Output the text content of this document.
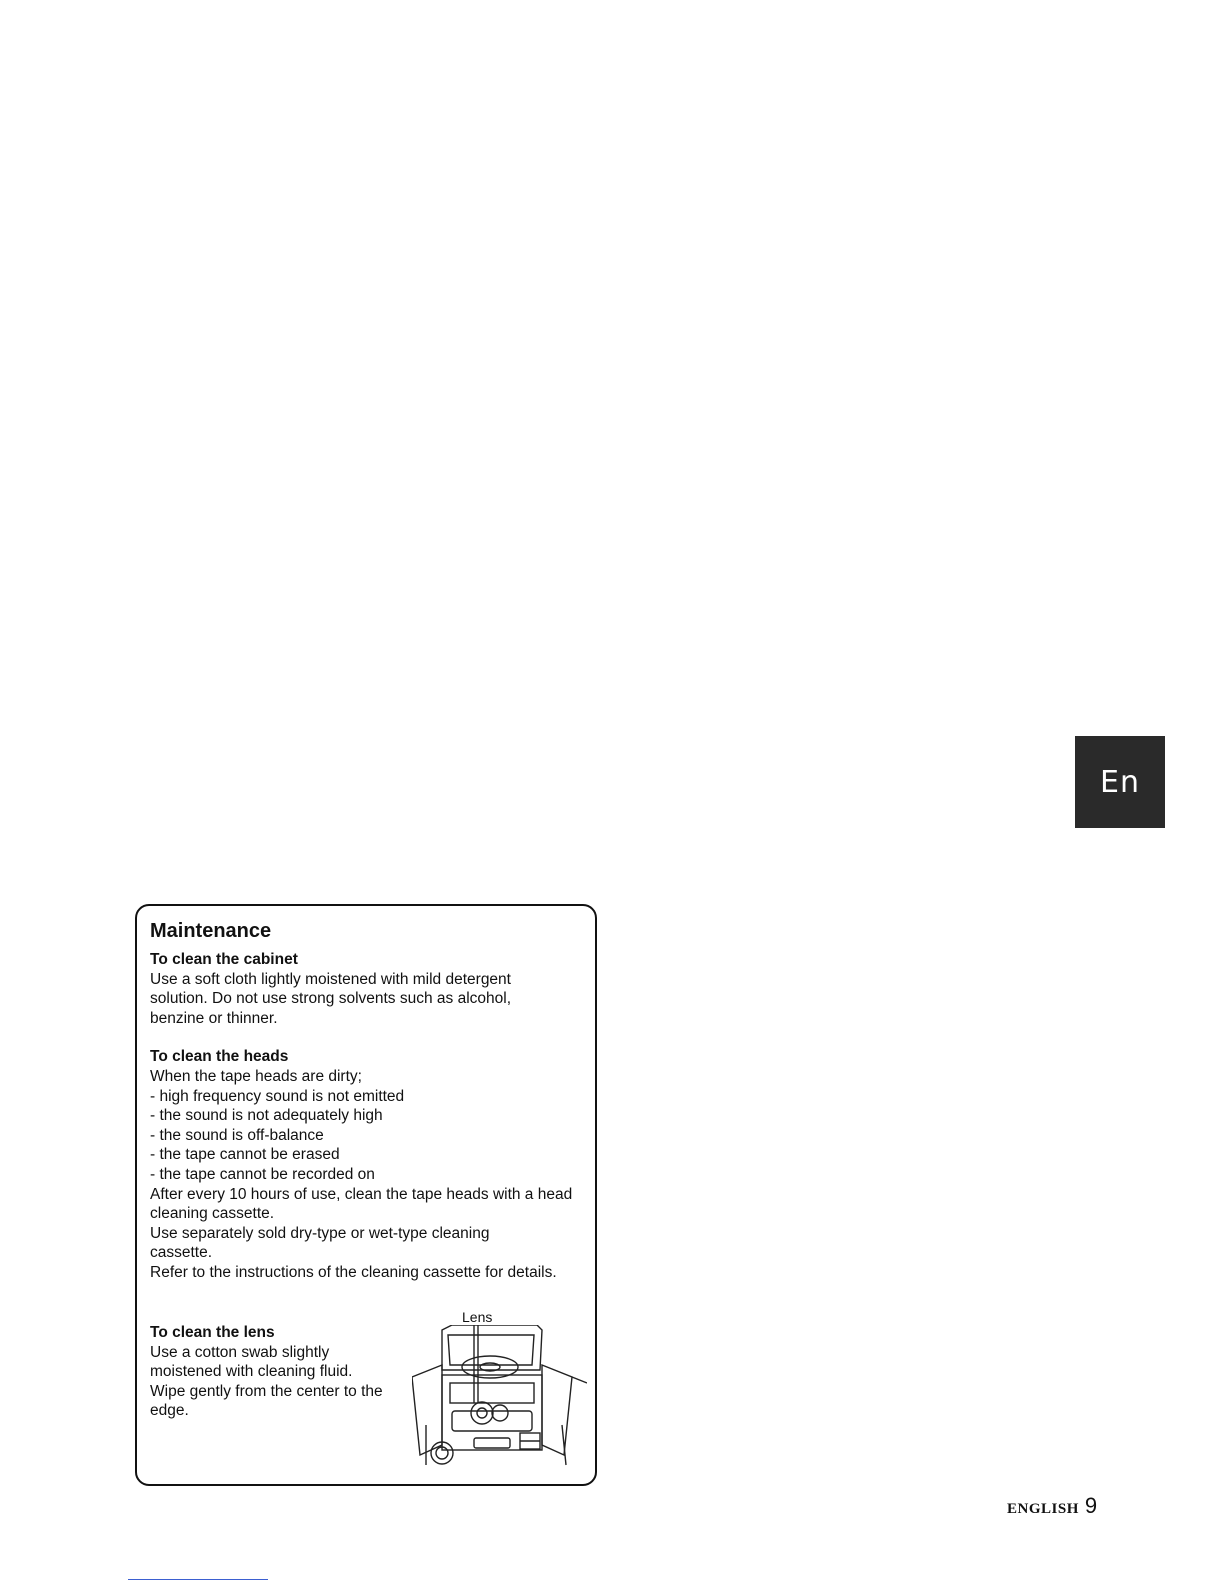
En
Maintenance
To clean the cabinet

Use a soft cloth lightly moistened with mild detergent solution. Do not use strong solvents such as alcohol, benzine or thinner.

To clean the heads

When the tape heads are dirty;

- high frequency sound is not emitted
- the sound is not adequately high
- the sound is off-balance
- the tape cannot be erased
- the tape cannot be recorded on

After every 10 hours of use, clean the tape heads with a head cleaning cassette.

Use separately sold dry-type or wet-type cleaning cassette.

Refer to the instructions of the cleaning cassette for details.

Lens
To clean the lens

Use a cotton swab slightly moistened with cleaning fluid. Wipe gently from the center to the edge.

ENGLISH 9
